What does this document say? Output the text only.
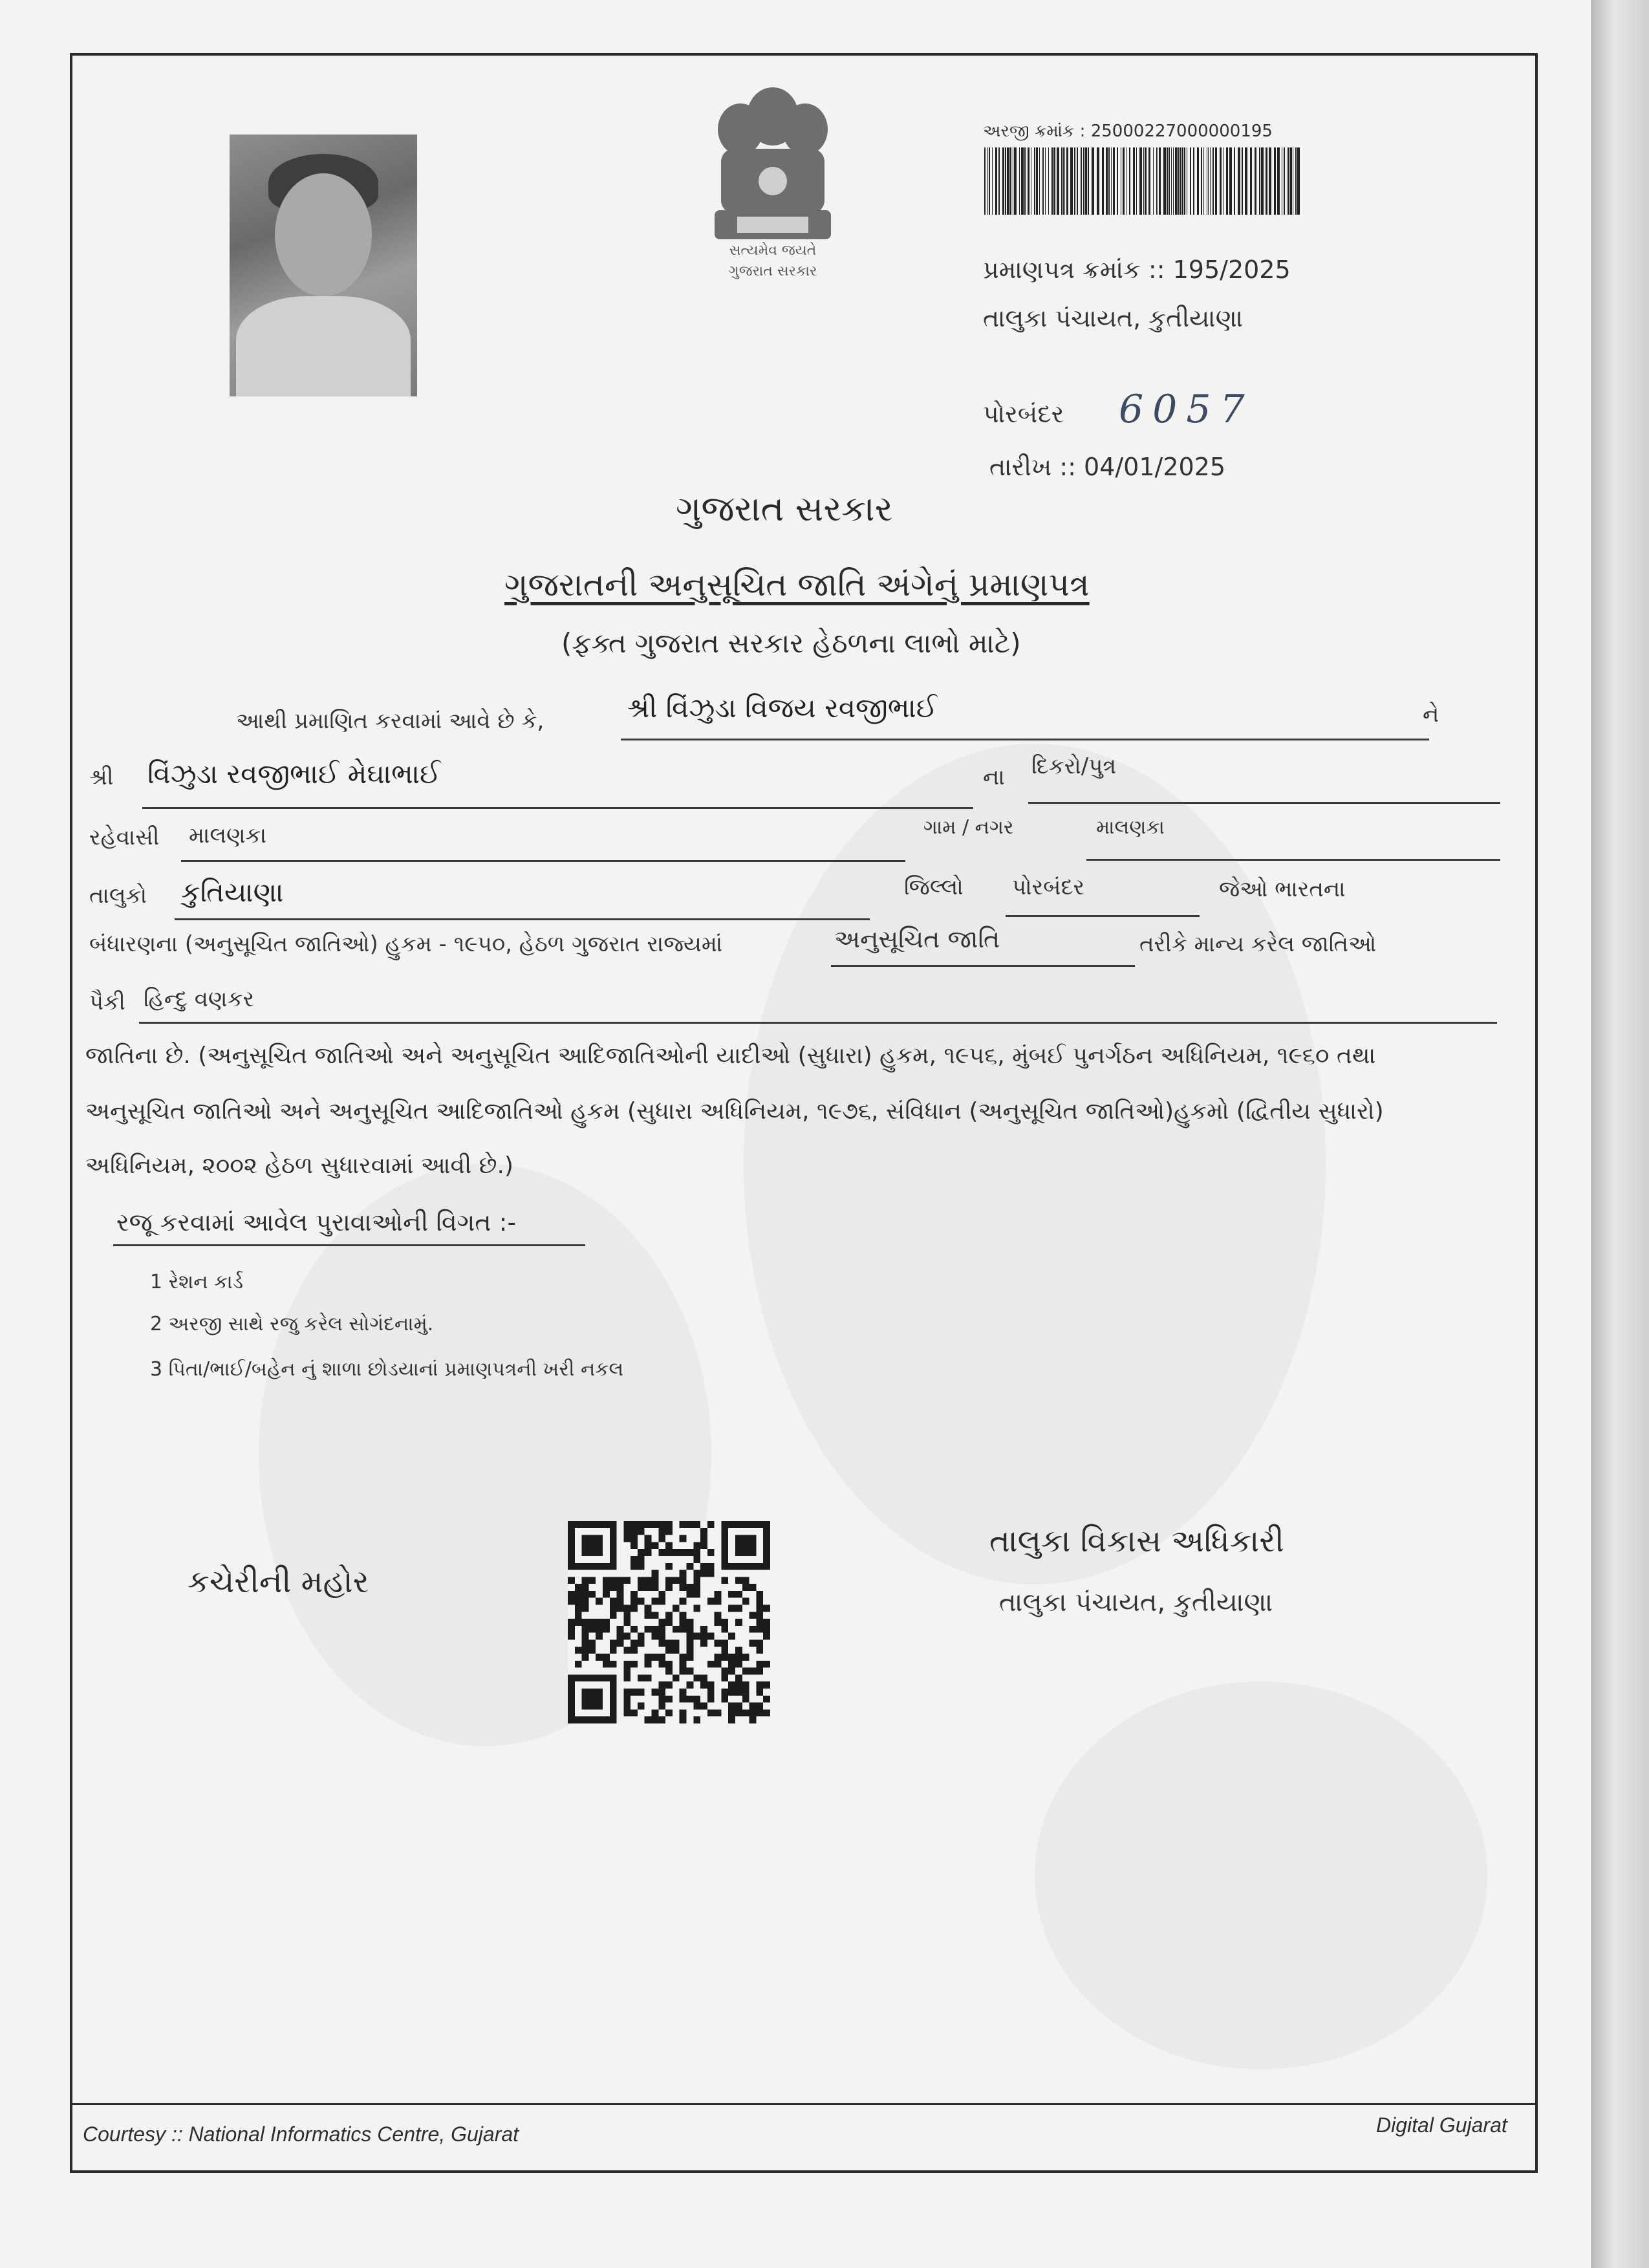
સત્યમેવ જયતે
ગુજરાત સરકાર
અરજી ક્રમાંક : 25000227000000195
પ્રમાણપત્ર ક્રમાંક :: 195/2025
તાલુકા પંચાયત, કુતીયાણા
પોરબંદર 6057
તારીખ :: 04/01/2025
ગુજરાત સરકાર
ગુજરાતની અનુસૂચિત જાતિ અંગેનું પ્રમાણપત્ર
(ફક્ત ગુજરાત સરકાર હેઠળના લાભો માટે)
આથી પ્રમાણિત કરવામાં આવે છે કે,	શ્રી વિંઝુડા વિજય રવજીભાઈ	ને
શ્રી વિંઝુડા રવજીભાઈ મેઘાભાઈ	ના દિકરો/પુત્ર
રહેવાસી માલણકા	ગામ / નગર	માલણકા
તાલુકો કુતિયાણા	જિલ્લો પોરબંદર	જેઓ ભારતના
બંધારણના (અનુસૂચિત જાતિઓ) હુકમ - ૧૯૫૦, હેઠળ ગુજરાત રાજ્યમાં	અનુસૂચિત જાતિ	તરીકે માન્ય કરેલ જાતિઓ
પૈકી હિન્દુ વણકર
જાતિના છે. (અનુસૂચિત જાતિઓ અને અનુસૂચિત આદિજાતિઓની યાદીઓ (સુધારા) હુકમ, ૧૯૫૬, મુંબઈ પુનર્ગઠન અધિનિયમ, ૧૯૬૦ તથા
અનુસૂચિત જાતિઓ અને અનુસૂચિત આદિજાતિઓ હુકમ (સુધારા અધિનિયમ, ૧૯૭૬, સંવિધાન (અનુસૂચિત જાતિઓ)હુકમો (દ્વિતીય સુધારો)
અધિનિયમ, ૨૦૦૨ હેઠળ સુધારવામાં આવી છે.)
રજૂ કરવામાં આવેલ પુરાવાઓની વિગત :-
1 રેશન કાર્ડ
2 અરજી સાથે રજુ કરેલ સોગંદનામું.
3 પિતા/ભાઈ/બહેન નું શાળા છોડયાનાં પ્રમાણપત્રની ખરી નકલ
કચેરીની મહોર
તાલુકા વિકાસ અધિકારી
તાલુકા પંચાયત, કુતીયાણા
Courtesy :: National Informatics Centre, Gujarat	Digital Gujarat
